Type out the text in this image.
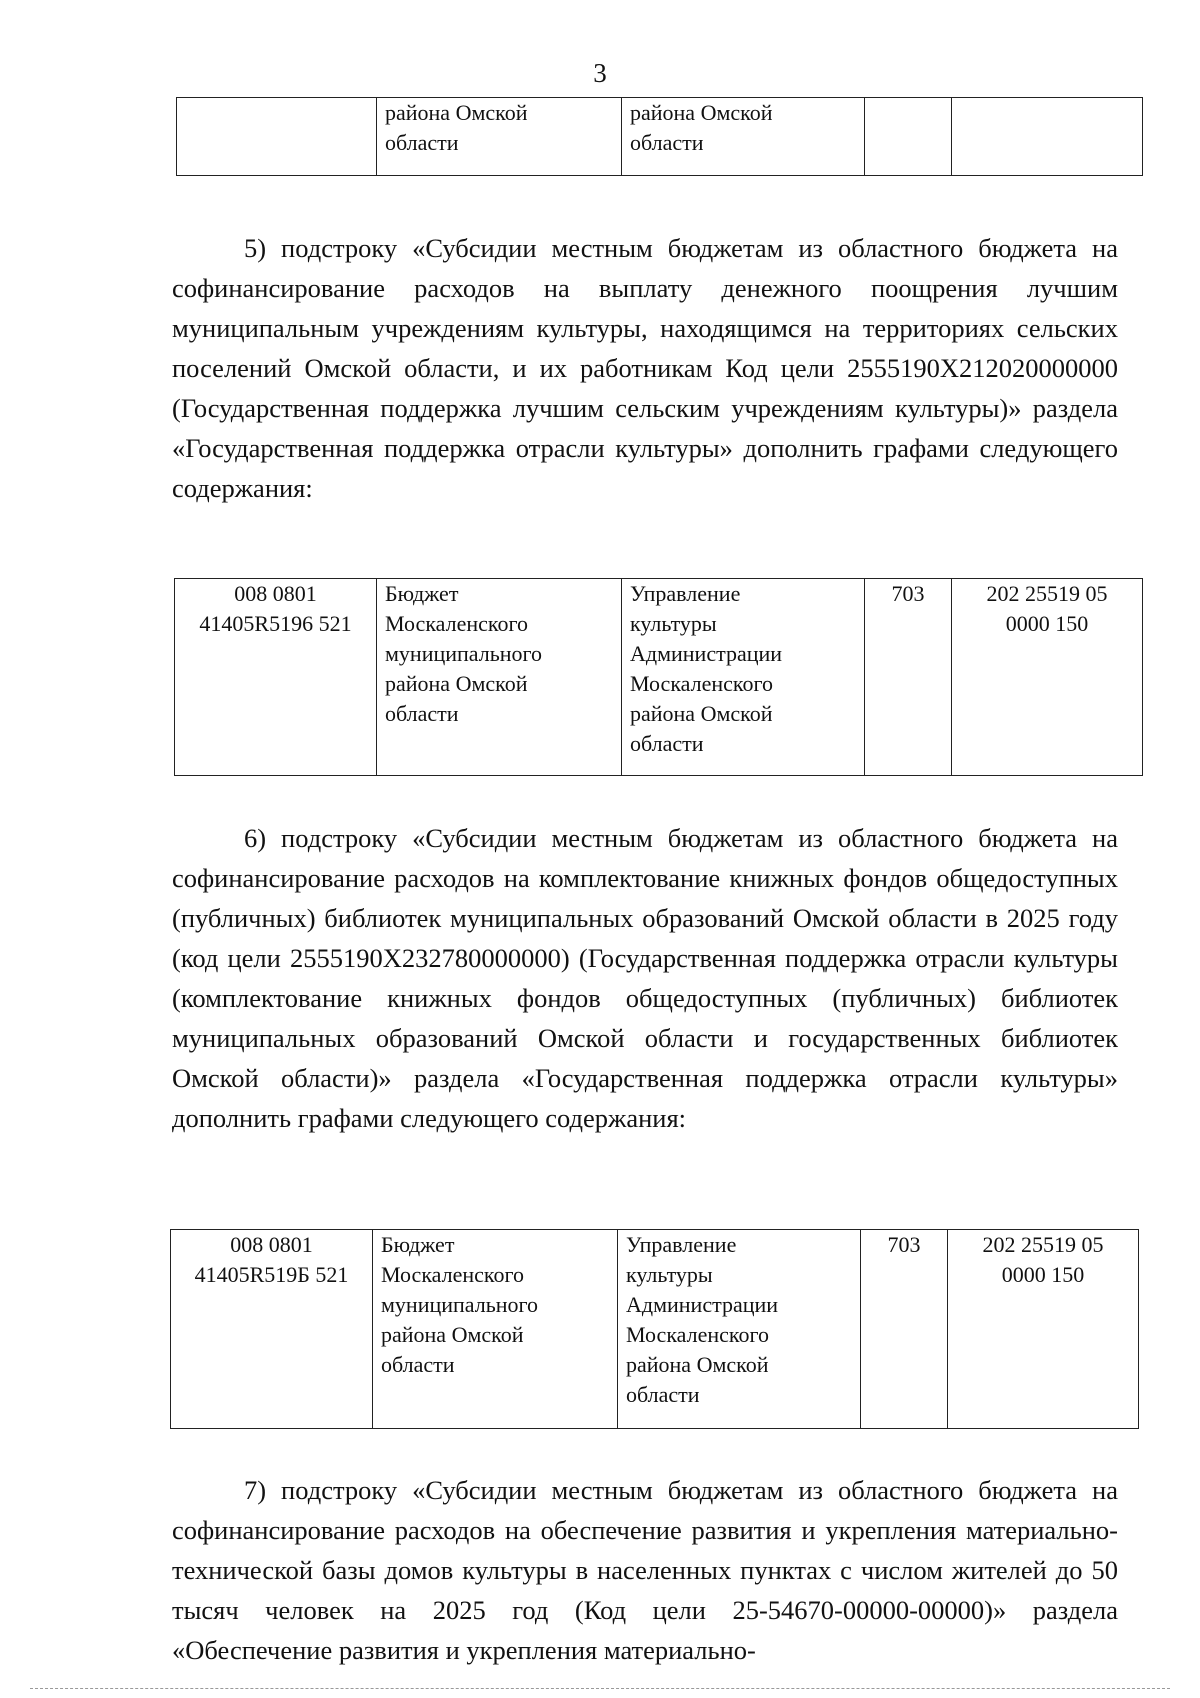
3
	района Омской
области	района Омской
области		
5) подстроку «Субсидии местным бюджетам из областного бюджета на софинансирование расходов на выплату денежного поощрения лучшим муниципальным учреждениям культуры, находящимся на территориях сельских поселений Омской области, и их работникам Код цели 2555190Х212020000000 (Государственная поддержка лучшим сельским учреждениям культуры)» раздела «Государственная поддержка отрасли культуры» дополнить графами следующего содержания:
008 0801
41405R5196 521	Бюджет
Москаленского
муниципального
района Омской
области	Управление
культуры
Администрации
Москаленского
района Омской
области	703	202 25519 05
0000 150
6) подстроку «Субсидии местным бюджетам из областного бюджета на софинансирование расходов на комплектование книжных фондов общедоступных (публичных) библиотек муниципальных образований Омской области в 2025 году (код цели 2555190Х232780000000) (Государственная поддержка отрасли культуры (комплектование книжных фондов общедоступных (публичных) библиотек муниципальных образований Омской области и государственных библиотек Омской области)» раздела «Государственная поддержка отрасли культуры» дополнить графами следующего содержания:
008 0801
41405R519Б 521	Бюджет
Москаленского
муниципального
района Омской
области	Управление
культуры
Администрации
Москаленского
района Омской
области	703	202 25519 05
0000 150
7) подстроку «Субсидии местным бюджетам из областного бюджета на софинансирование расходов на обеспечение развития и укрепления материально-технической базы домов культуры в населенных пунктах с числом жителей до 50 тысяч человек на 2025 год (Код цели 25-54670-00000-00000)» раздела «Обеспечение развития и укрепления материально-
